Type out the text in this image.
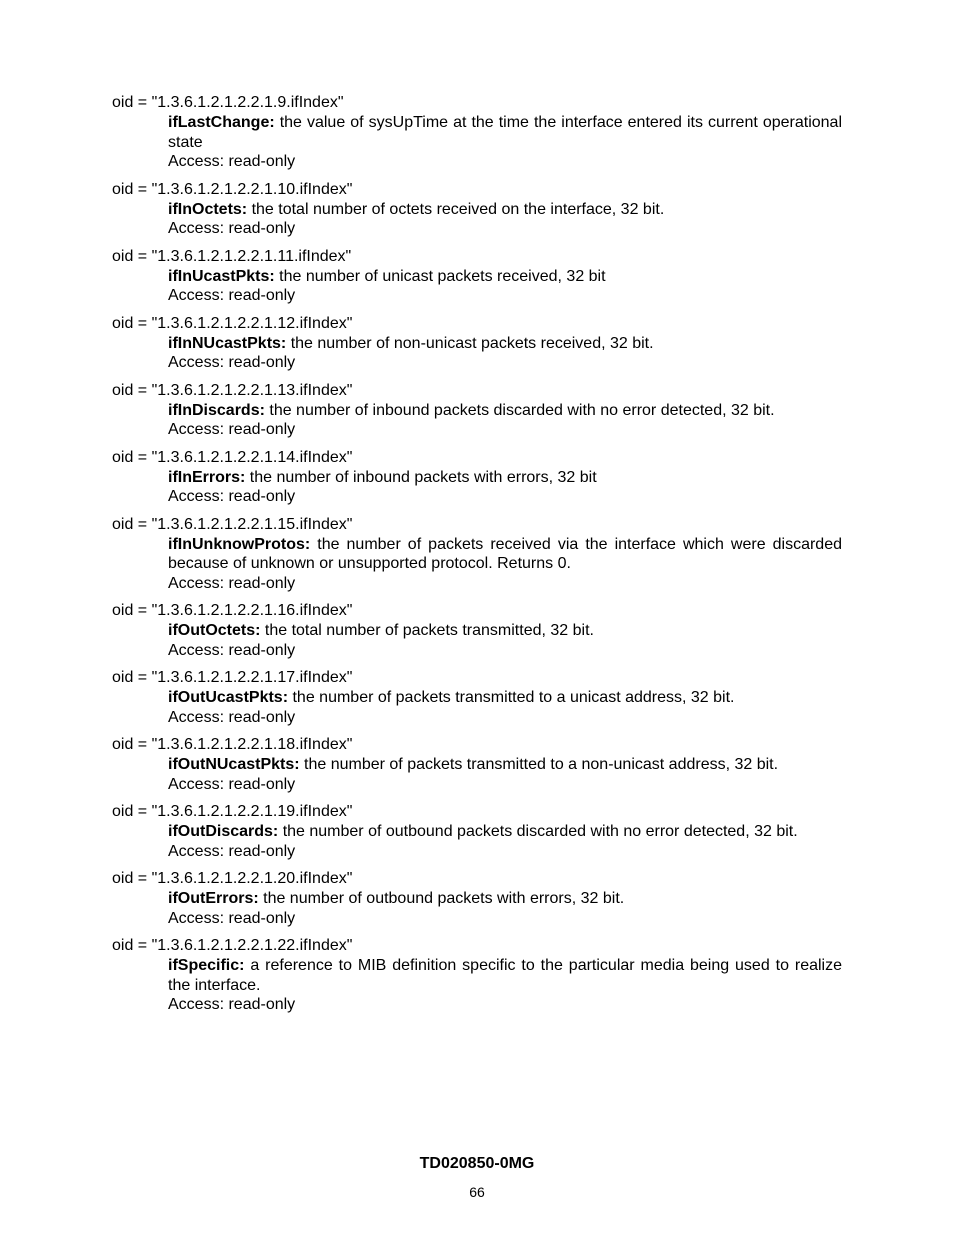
oid = "1.3.6.1.2.1.2.2.1.9.ifIndex"
ifLastChange: the value of sysUpTime at the time the interface entered its current operational state
Access: read-only
oid = "1.3.6.1.2.1.2.2.1.10.ifIndex"
ifInOctets: the total number of octets received on the interface, 32 bit.
Access: read-only
oid = "1.3.6.1.2.1.2.2.1.11.ifIndex"
ifInUcastPkts: the number of unicast packets received, 32 bit
Access: read-only
oid = "1.3.6.1.2.1.2.2.1.12.ifIndex"
ifInNUcastPkts: the number of non-unicast packets received, 32 bit.
Access: read-only
oid = "1.3.6.1.2.1.2.2.1.13.ifIndex"
ifInDiscards: the number of inbound packets discarded with no error detected, 32 bit.
Access: read-only
oid = "1.3.6.1.2.1.2.2.1.14.ifIndex"
ifInErrors: the number of inbound packets with errors, 32 bit
Access: read-only
oid = "1.3.6.1.2.1.2.2.1.15.ifIndex"
ifInUnknowProtos: the number of packets received via the interface which were discarded because of unknown or unsupported protocol. Returns 0.
Access: read-only
oid = "1.3.6.1.2.1.2.2.1.16.ifIndex"
ifOutOctets: the total number of packets transmitted, 32 bit.
Access: read-only
oid = "1.3.6.1.2.1.2.2.1.17.ifIndex"
ifOutUcastPkts: the number of packets transmitted to a unicast address, 32 bit.
Access: read-only
oid = "1.3.6.1.2.1.2.2.1.18.ifIndex"
ifOutNUcastPkts: the number of packets transmitted to a non-unicast address, 32 bit.
Access: read-only
oid = "1.3.6.1.2.1.2.2.1.19.ifIndex"
ifOutDiscards: the number of outbound packets discarded with no error detected, 32 bit.
Access: read-only
oid = "1.3.6.1.2.1.2.2.1.20.ifIndex"
ifOutErrors: the number of outbound packets with errors, 32 bit.
Access: read-only
oid = "1.3.6.1.2.1.2.2.1.22.ifIndex"
ifSpecific: a reference to MIB definition specific to the particular media being used to realize the interface.
Access: read-only
TD020850-0MG
66
